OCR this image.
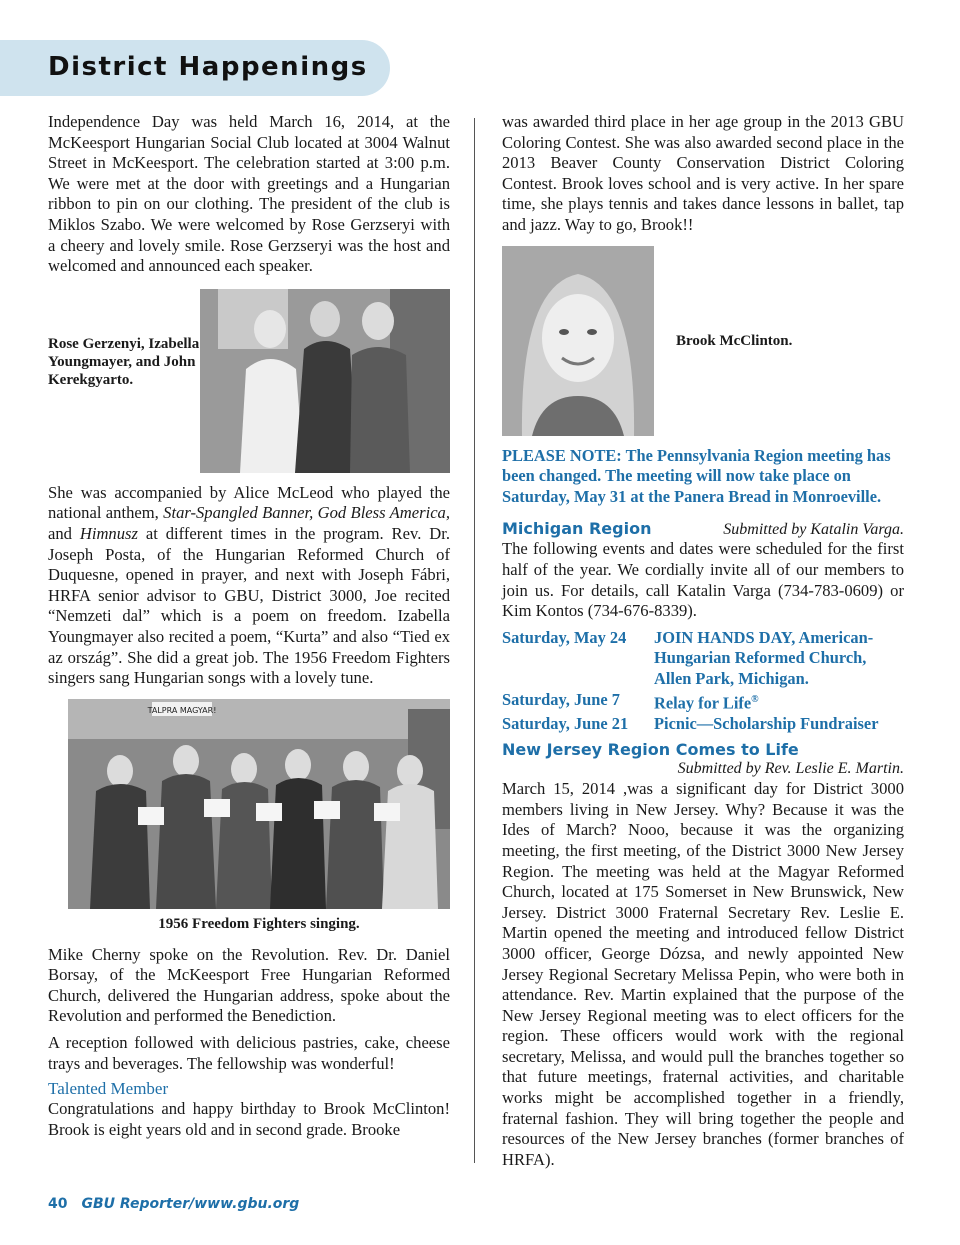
District Happenings

Independence Day was held March 16, 2014, at the McKeesport Hungarian Social Club located at 3004 Walnut Street in McKeesport. The celebration started at 3:00 p.m. We were met at the door with greetings and a Hungarian ribbon to pin on our clothing. The president of the club is Miklos Szabo. We were welcomed by Rose Gerzseryi with a cheery and lovely smile. Rose Gerzseryi was the host and welcomed and announced each speaker.

Rose Gerzenyi, Izabella Youngmayer, and John Kerekgyarto.

She was accompanied by Alice McLeod who played the national anthem, Star-Spangled Banner, God Bless America, and Himnusz at different times in the program. Rev. Dr. Joseph Posta, of the Hungarian Reformed Church of Duquesne, opened in prayer, and next with Joseph Fábri, HRFA senior advisor to GBU, District 3000, Joe recited “Nemzeti dal” which is a poem on freedom. Izabella Youngmayer also recited a poem, “Kurta” and also “Tied ex az ország”. She did a great job. The 1956 Freedom Fighters singers sang Hungarian songs with a lovely tune.

TALPRA MAGYAR!
1956 Freedom Fighters singing.

Mike Cherny spoke on the Revolution. Rev. Dr. Daniel Borsay, of the McKeesport Free Hungarian Reformed Church, delivered the Hungarian address, spoke about the Revolution and performed the Benediction.

A reception followed with delicious pastries, cake, cheese trays and beverages. The fellowship was wonderful!

Talented Member

Congratulations and happy birthday to Brook McClinton! Brook is eight years old and in second grade. Brooke

was awarded third place in her age group in the 2013 GBU Coloring Contest. She was also awarded second place in the 2013 Beaver County Conservation District Coloring Contest. Brook loves school and is very active. In her spare time, she plays tennis and takes dance lessons in ballet, tap and jazz. Way to go, Brook!!

Brook McClinton.
PLEASE NOTE: The Pennsylvania Region meeting has been changed. The meeting will now take place on Saturday, May 31 at the Panera Bread in Monroeville.
Michigan Region	Submitted by Katalin Varga.

The following events and dates were scheduled for the first half of the year. We cordially invite all of our members to join us. For details, call Katalin Varga (734-783-0609) or Kim Kontos (734-676-8339).

Saturday, May 24	JOIN HANDS DAY, American-Hungarian Reformed Church, Allen Park, Michigan.
Saturday, June 7	Relay for Life®
Saturday, June 21	Picnic—Scholarship Fundraiser
New Jersey Region Comes to Life
Submitted by Rev. Leslie E. Martin.

March 15, 2014 ,was a significant day for District 3000 members living in New Jersey. Why? Because it was the Ides of March? Nooo, because it was the organizing meeting, the first meeting, of the District 3000 New Jersey Region. The meeting was held at the Magyar Reformed Church, located at 175 Somerset in New Brunswick, New Jersey. District 3000 Fraternal Secretary Rev. Leslie E. Martin opened the meeting and introduced fellow District 3000 officer, George Dózsa, and newly appointed New Jersey Regional Secretary Melissa Pepin, who were both in attendance. Rev. Martin explained that the purpose of the New Jersey Regional meeting was to elect officers for the region. These officers would work with the regional secretary, Melissa, and would pull the branches together so that future meetings, fraternal activities, and charitable works might be accomplished together in a friendly, fraternal fashion. They will bring together the people and resources of the New Jersey branches (former branches of HRFA).

40 GBU Reporter/www.gbu.org
